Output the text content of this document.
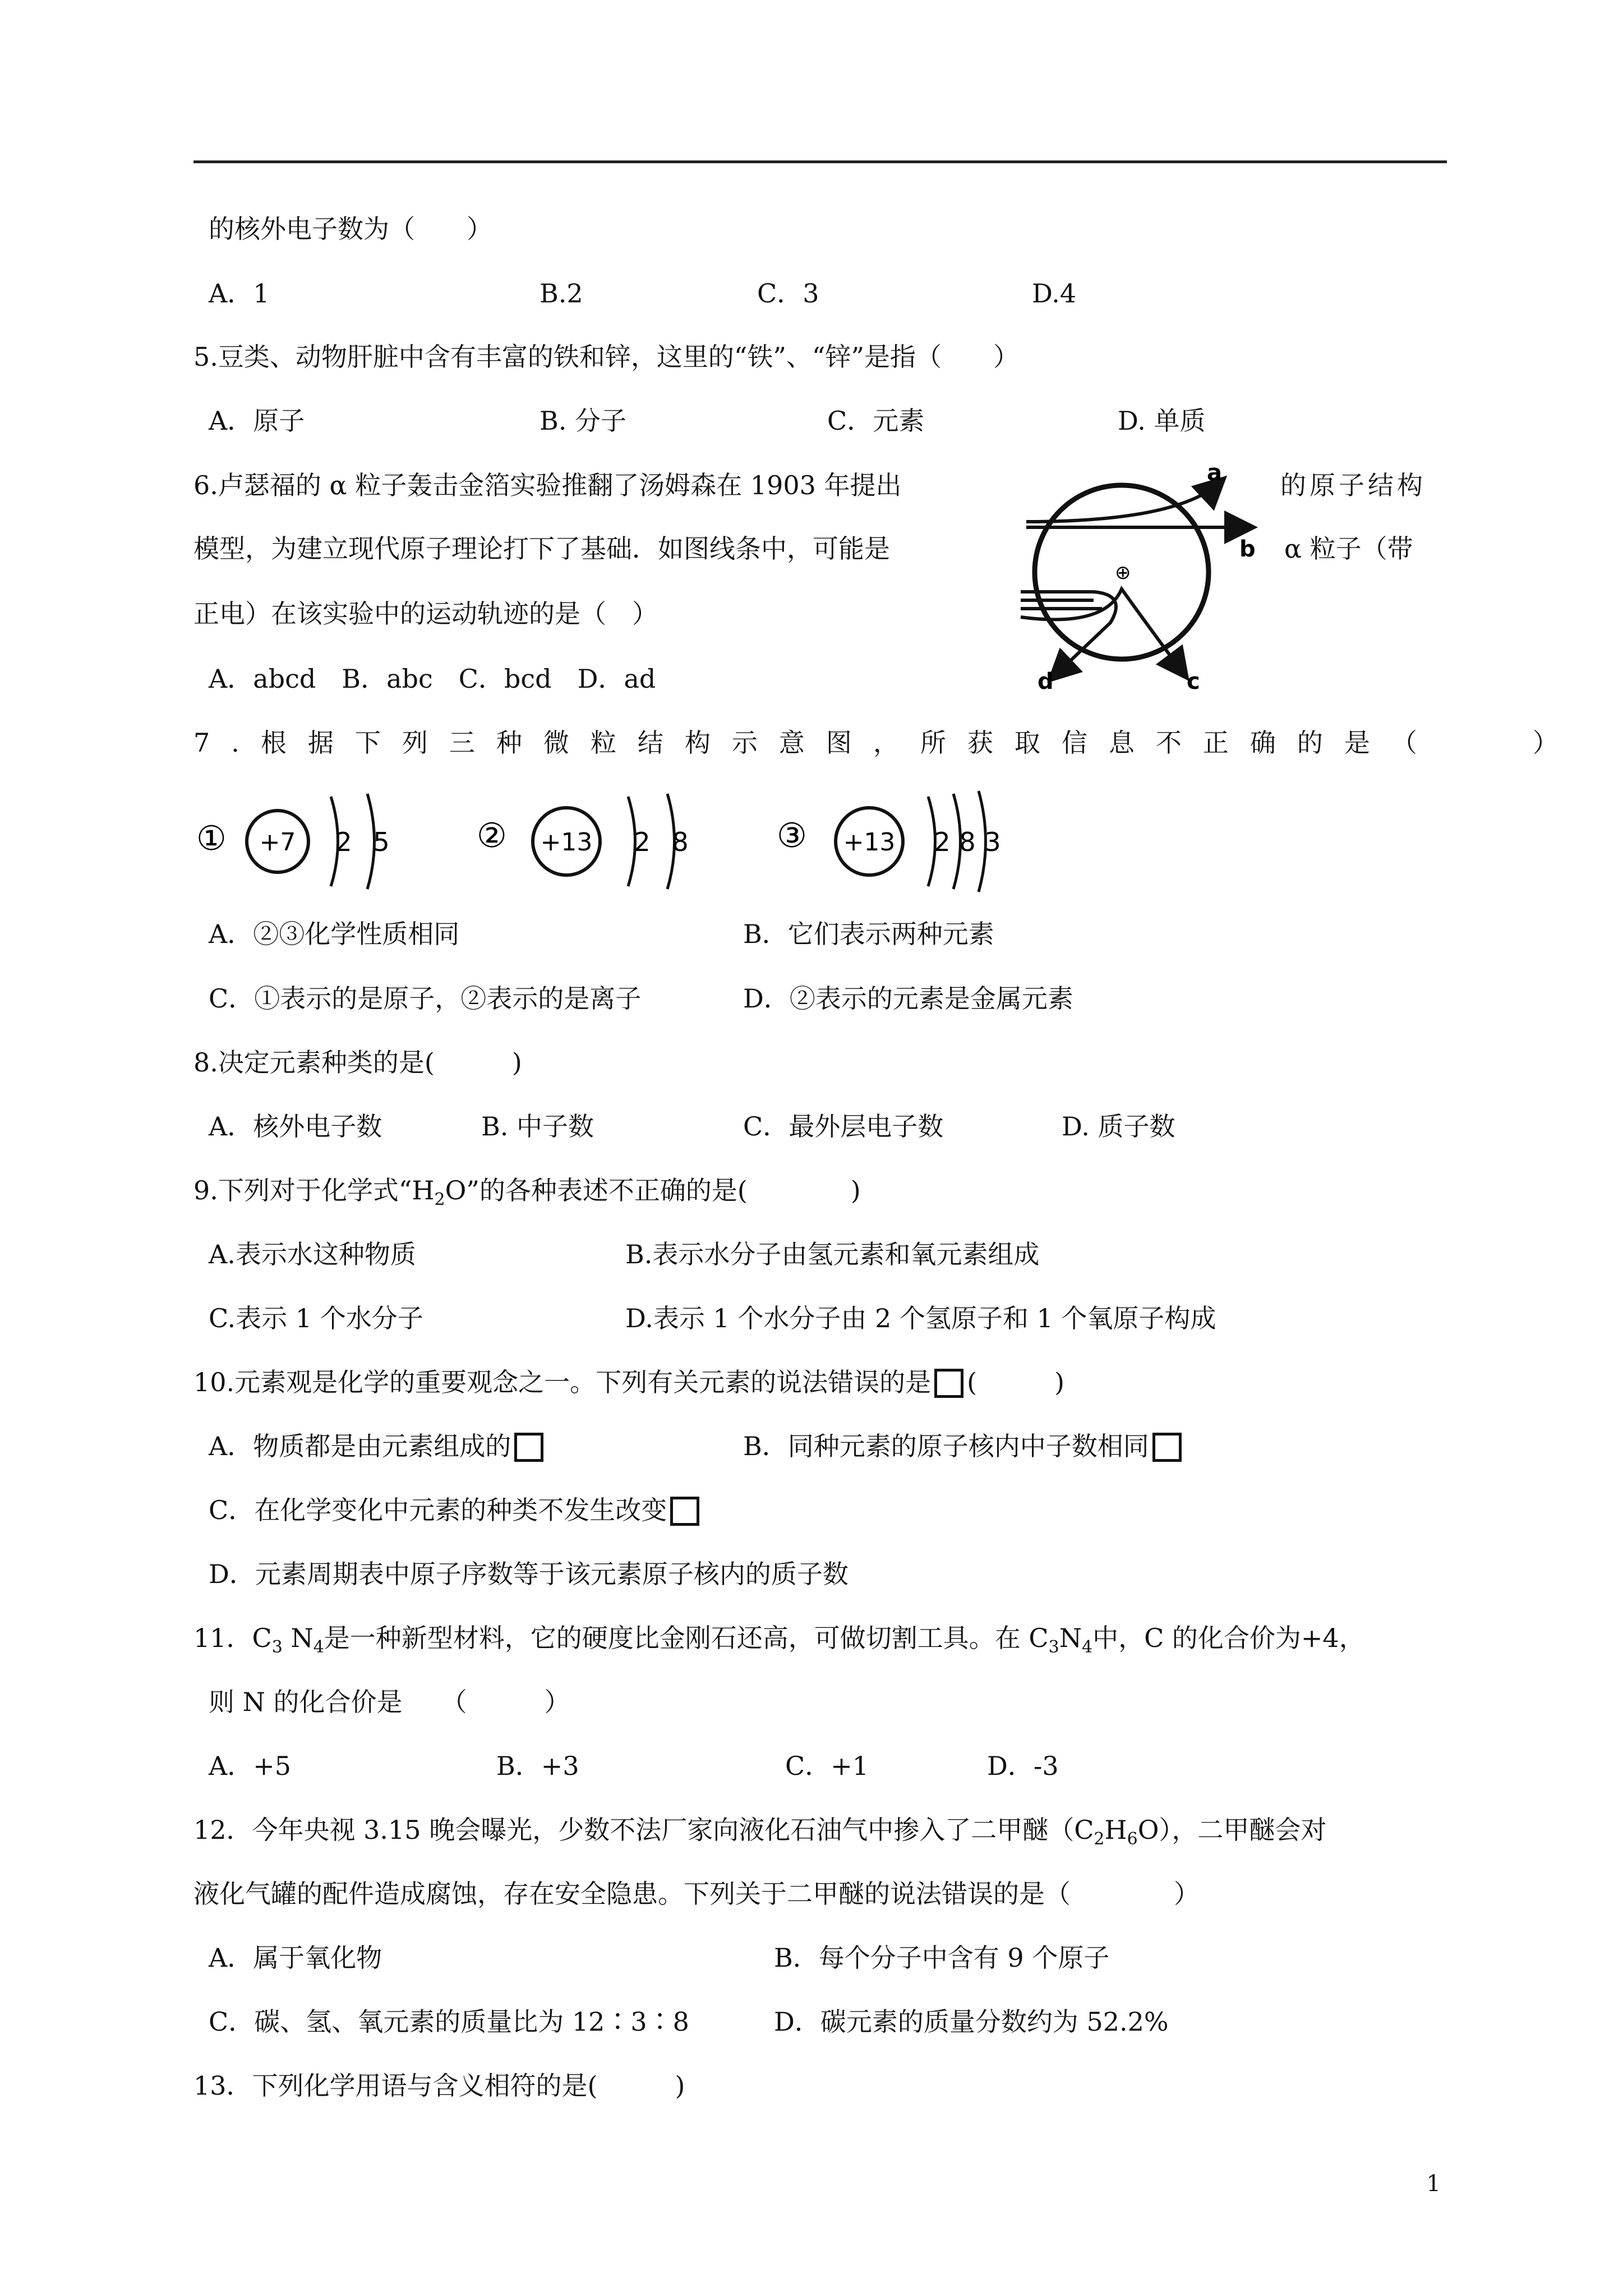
的核外电子数为（　　）
A．1	B.2	C．3	D.4
5.豆类、动物肝脏中含有丰富的铁和锌，这里的“铁”、“锌”是指（　　）
A．原子	B. 分子	C．元素	D. 单质
6.卢瑟福的 α 粒子轰击金箔实验推翻了汤姆森在 1903 年提出	的原子结构
模型，为建立现代原子理论打下了基础．如图线条中，可能是	α 粒子（带
正电）在该实验中的运动轨迹的是（　）
A．abcd　B．abc　C．bcd　D．ad
⊕
a
b
c
d
7.根据下列三种微粒结构示意图，所获取信息不正确的是（　　）
① +7 2 5	② +13 2 8	③ +13 2 8 3
A．②③化学性质相同	B．它们表示两种元素
C．①表示的是原子，②表示的是离子	D．②表示的元素是金属元素
8.决定元素种类的是(　　　)
A．核外电子数	B. 中子数	C．最外层电子数	D. 质子数
9.下列对于化学式“$H_2O$”的各种表述不正确的是(　　　　)
A.表示水这种物质	B.表示水分子由氢元素和氧元素组成
C.表示 1 个水分子	D.表示 1 个水分子由 2 个氢原子和 1 个氧原子构成
10.元素观是化学的重要观念之一。下列有关元素的说法错误的是 (　　　)
A．物质都是由元素组成的	B．同种元素的原子核内中子数相同
C．在化学变化中元素的种类不发生改变
D．元素周期表中原子序数等于该元素原子核内的质子数
11．$C_3$ $N_4$是一种新型材料，它的硬度比金刚石还高，可做切割工具。在 $C_3N_4$中，C 的化合价为+4，
则 N 的化合价是　　（　　　）
A．+5	B．+3	C．+1	D．-3
12．今年央视 3.15 晚会曝光，少数不法厂家向液化石油气中掺入了二甲醚$(C_2H_6O)$，二甲醚会对
液化气罐的配件造成腐蚀，存在安全隐患。下列关于二甲醚的说法错误的是（　　　　）
A．属于氧化物	B．每个分子中含有 9 个原子
C．碳、氢、氧元素的质量比为 12∶3∶8	D．碳元素的质量分数约为 52.2%
13．下列化学用语与含义相符的是(　　　)
1
